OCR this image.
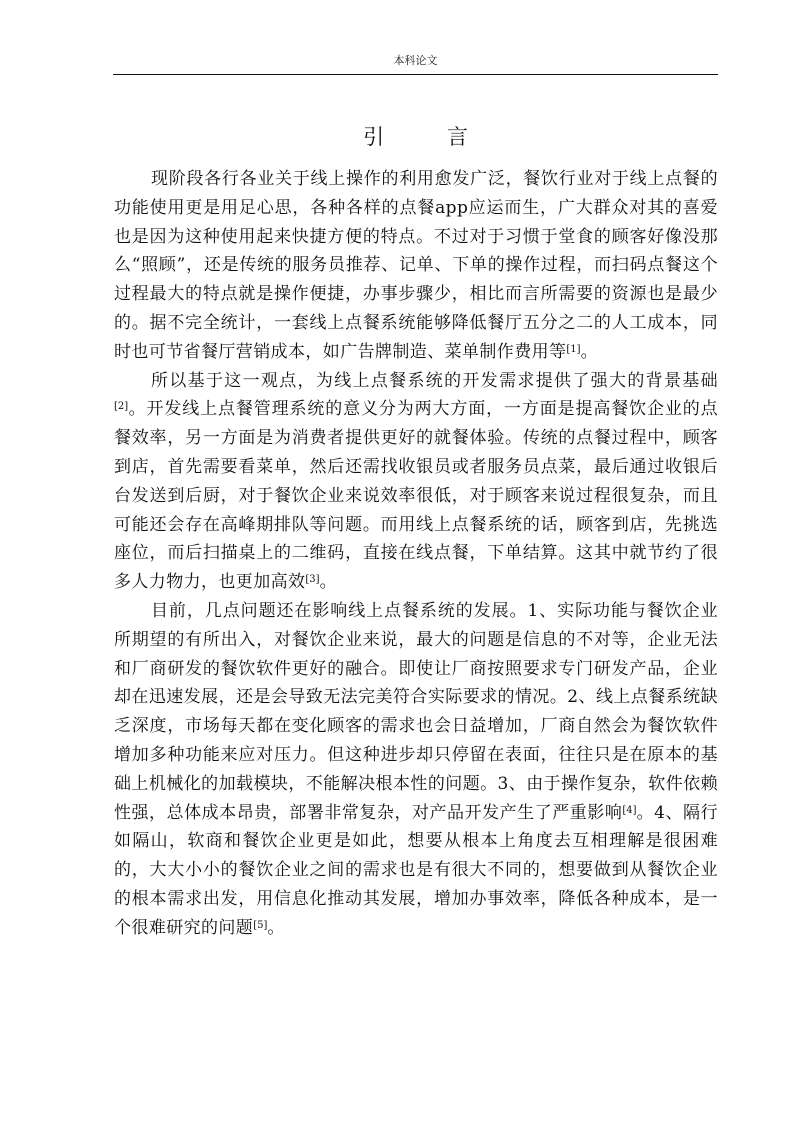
本科论文
引 言

现阶段各行各业关于线上操作的利用愈发广泛，餐饮行业对于线上点餐的功能使用更是用足心思，各种各样的点餐app应运而生，广大群众对其的喜爱也是因为这种使用起来快捷方便的特点。不过对于习惯于堂食的顾客好像没那么“照顾”，还是传统的服务员推荐、记单、下单的操作过程，而扫码点餐这个过程最大的特点就是操作便捷，办事步骤少，相比而言所需要的资源也是最少的。据不完全统计，一套线上点餐系统能够降低餐厅五分之二的人工成本，同时也可节省餐厅营销成本，如广告牌制造、菜单制作费用等[1]。

所以基于这一观点，为线上点餐系统的开发需求提供了强大的背景基础[2]。开发线上点餐管理系统的意义分为两大方面，一方面是提高餐饮企业的点餐效率，另一方面是为消费者提供更好的就餐体验。传统的点餐过程中，顾客到店，首先需要看菜单，然后还需找收银员或者服务员点菜，最后通过收银后台发送到后厨，对于餐饮企业来说效率很低，对于顾客来说过程很复杂，而且可能还会存在高峰期排队等问题。而用线上点餐系统的话，顾客到店，先挑选座位，而后扫描桌上的二维码，直接在线点餐，下单结算。这其中就节约了很多人力物力，也更加高效[3]。

目前，几点问题还在影响线上点餐系统的发展。1、实际功能与餐饮企业所期望的有所出入，对餐饮企业来说，最大的问题是信息的不对等，企业无法和厂商研发的餐饮软件更好的融合。即使让厂商按照要求专门研发产品，企业却在迅速发展，还是会导致无法完美符合实际要求的情况。2、线上点餐系统缺乏深度，市场每天都在变化顾客的需求也会日益增加，厂商自然会为餐饮软件增加多种功能来应对压力。但这种进步却只停留在表面，往往只是在原本的基础上机械化的加载模块，不能解决根本性的问题。3、由于操作复杂，软件依赖性强，总体成本昂贵，部署非常复杂，对产品开发产生了严重影响[4]。4、隔行如隔山，软商和餐饮企业更是如此，想要从根本上角度去互相理解是很困难的，大大小小的餐饮企业之间的需求也是有很大不同的，想要做到从餐饮企业的根本需求出发，用信息化推动其发展，增加办事效率，降低各种成本，是一个很难研究的问题[5]。
